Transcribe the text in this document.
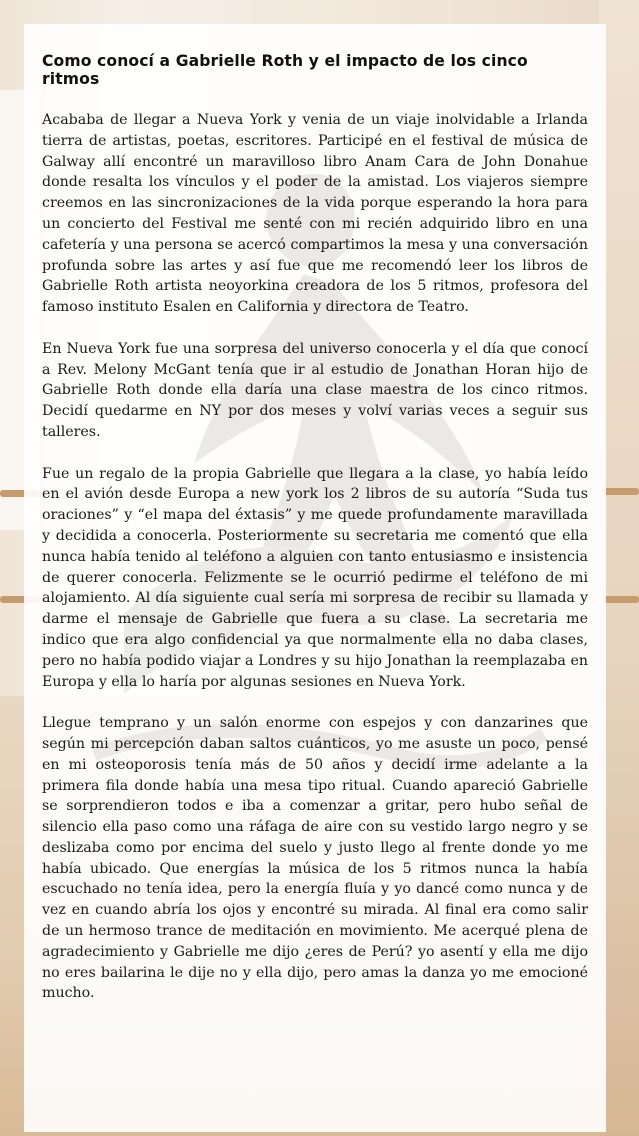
Como conocí a Gabrielle Roth y el impacto de los cinco ritmos

Acababa de llegar a Nueva York y venia de un viaje inolvidable a Irlanda tierra de artistas, poetas, escritores. Participé en el festival de música de Galway allí encontré un maravilloso libro Anam Cara de John Donahue donde resalta los vínculos y el poder de la amistad. Los viajeros siempre creemos en las sincronizaciones de la vida porque esperando la hora para un concierto del Festival me senté con mi recién adquirido libro en una cafetería y una persona se acercó compartimos la mesa y una conversación profunda sobre las artes y así fue que me recomendó leer los libros de Gabrielle Roth artista neoyorkina creadora de los 5 ritmos, profesora del famoso instituto Esalen en California y directora de Teatro.

En Nueva York fue una sorpresa del universo conocerla y el día que conocí a Rev. Melony McGant tenía que ir al estudio de Jonathan Horan hijo de Gabrielle Roth donde ella daría una clase maestra de los cinco ritmos. Decidí quedarme en NY por dos meses y volví varias veces a seguir sus talleres.

Fue un regalo de la propia Gabrielle que llegara a la clase, yo había leído en el avión desde Europa a new york los 2 libros de su autoría “Suda tus oraciones” y “el mapa del éxtasis” y me quede profundamente maravillada y decidida a conocerla. Posteriormente su secretaria me comentó que ella nunca había tenido al teléfono a alguien con tanto entusiasmo e insistencia de querer conocerla. Felizmente se le ocurrió pedirme el teléfono de mi alojamiento. Al día siguiente cual sería mi sorpresa de recibir su llamada y darme el mensaje de Gabrielle que fuera a su clase. La secretaria me indico que era algo confidencial ya que normalmente ella no daba clases, pero no había podido viajar a Londres y su hijo Jonathan la reemplazaba en Europa y ella lo haría por algunas sesiones en Nueva York.

Llegue temprano y un salón enorme con espejos y con danzarines que según mi percepción daban saltos cuánticos, yo me asuste un poco, pensé en mi osteoporosis tenía más de 50 años y decidí irme adelante a la primera fila donde había una mesa tipo ritual. Cuando apareció Gabrielle se sorprendieron todos e iba a comenzar a gritar, pero hubo señal de silencio ella paso como una ráfaga de aire con su vestido largo negro y se deslizaba como por encima del suelo y justo llego al frente donde yo me había ubicado. Que energías la música de los 5 ritmos nunca la había escuchado no tenía idea, pero la energía fluía y yo dancé como nunca y de vez en cuando abría los ojos y encontré su mirada. Al final era como salir de un hermoso trance de meditación en movimiento. Me acerqué plena de agradecimiento y Gabrielle me dijo ¿eres de Perú? yo asentí y ella me dijo no eres bailarina le dije no y ella dijo, pero amas la danza yo me emocioné mucho.
